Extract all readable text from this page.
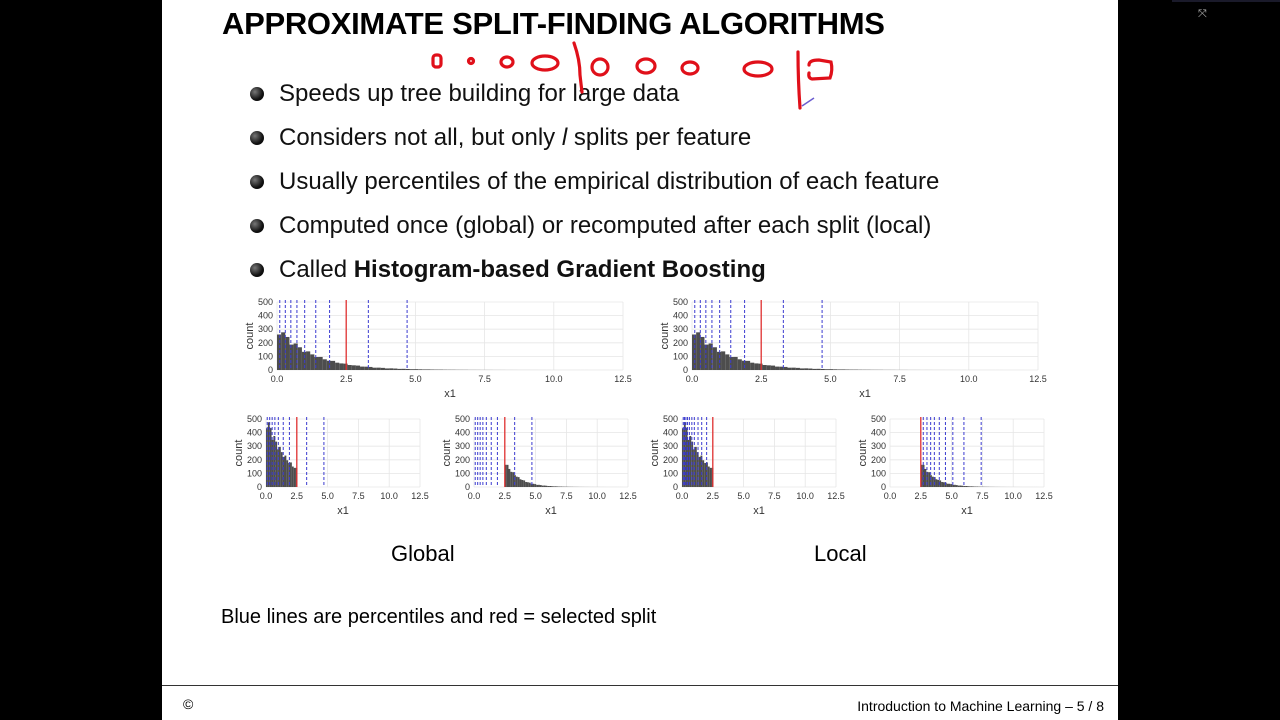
⤧
APPROXIMATE SPLIT-FINDING ALGORITHMS
Speeds up tree building for large data
Considers not all, but only l splits per feature
Usually percentiles of the empirical distribution of each feature
Computed once (global) or recomputed after each split (local)
Called Histogram-based Gradient Boosting
0
100
200
300
400
500
0.0	2.5	5.0	7.5	10.0	12.5
x1
count
0
100
200
300
400
500
0.0	2.5	5.0	7.5	10.0	12.5
x1
count
0
100
200
300
400
500
0.0 2.5 5.0 7.5 10.0 12.5
x1
count
0
100
200
300
400
500
0.0 2.5 5.0 7.5 10.0 12.5
x1
count
0
100
200
300
400
500
0.0 2.5 5.0 7.5 10.0 12.5
x1
count
0
100
200
300
400
500
0.0 2.5 5.0 7.5 10.0 12.5
x1
count
Global	Local
Blue lines are percentiles and red = selected split
©	Introduction to Machine Learning – 5 / 8
